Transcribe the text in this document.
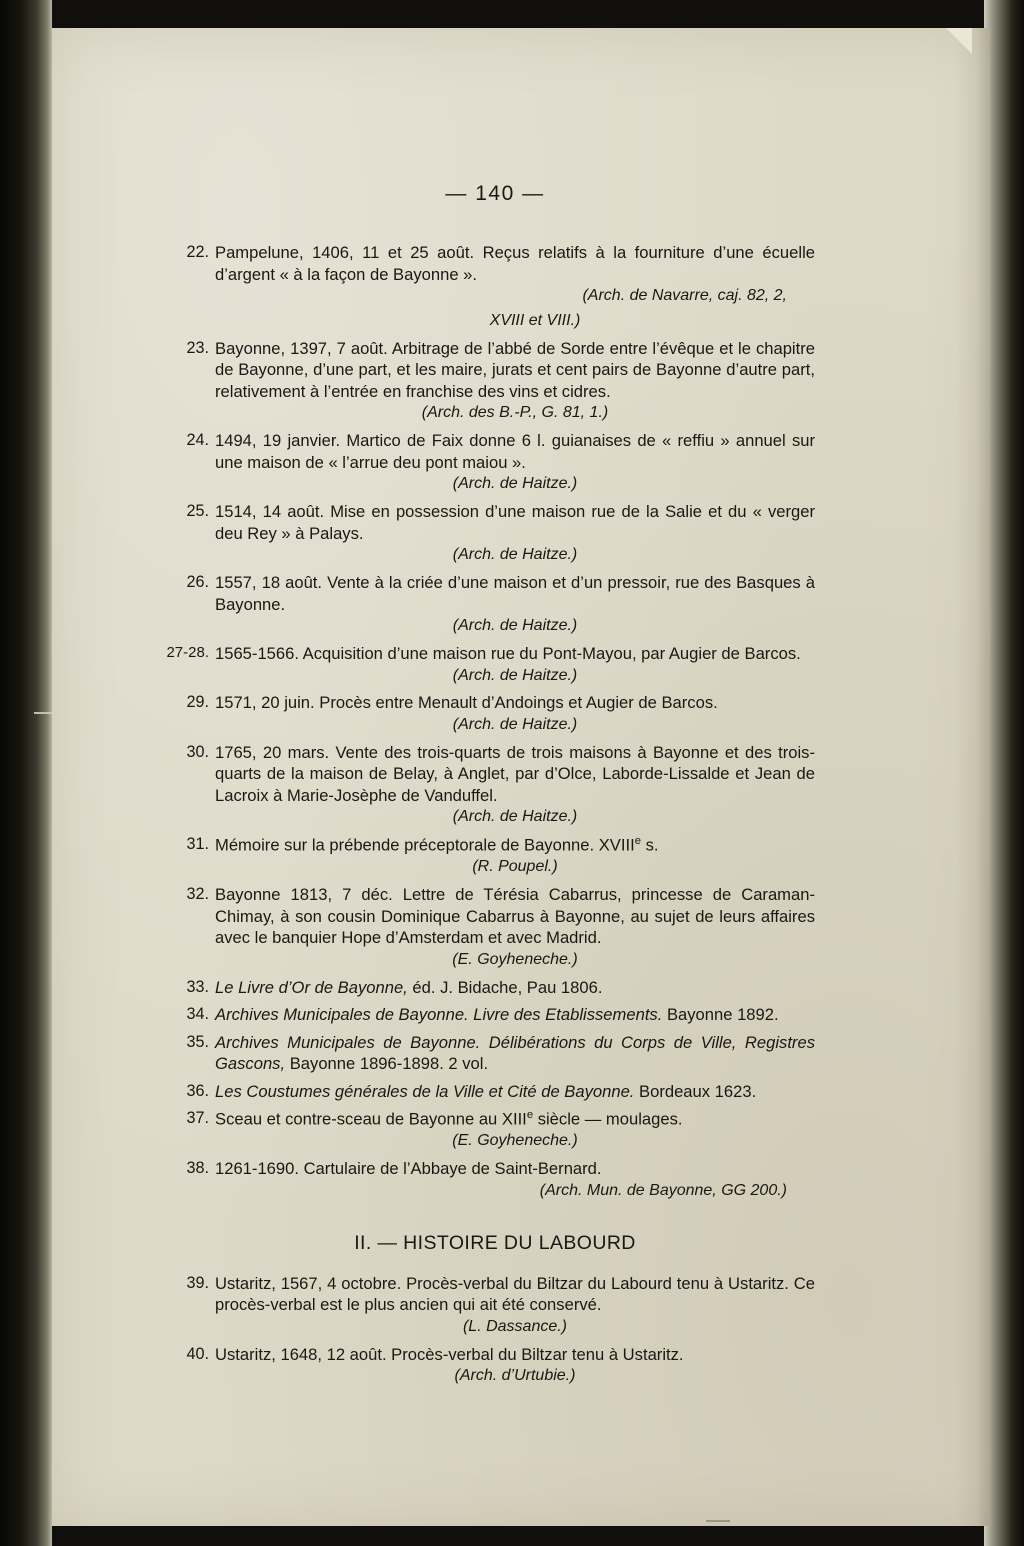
— 140 —
22. Pampelune, 1406, 11 et 25 août. Reçus relatifs à la fourniture d’une écuelle d’argent « à la façon de Bayonne ».
(Arch. de Navarre, caj. 82, 2,
XVIII et VIII.)
23. Bayonne, 1397, 7 août. Arbitrage de l’abbé de Sorde entre l’évêque et le chapitre de Bayonne, d’une part, et les maire, jurats et cent pairs de Bayonne d’autre part, relativement à l’entrée en franchise des vins et cidres.
(Arch. des B.-P., G. 81, 1.)
24. 1494, 19 janvier. Martico de Faix donne 6 l. guianaises de « reffiu » annuel sur une maison de « l’arrue deu pont maiou ».
(Arch. de Haitze.)
25. 1514, 14 août. Mise en possession d’une maison rue de la Salie et du « verger deu Rey » à Palays.
(Arch. de Haitze.)
26. 1557, 18 août. Vente à la criée d’une maison et d’un pressoir, rue des Basques à Bayonne.
(Arch. de Haitze.)
27-28. 1565-1566. Acquisition d’une maison rue du Pont-Mayou, par Augier de Barcos.
(Arch. de Haitze.)
29. 1571, 20 juin. Procès entre Menault d’Andoings et Augier de Barcos.
(Arch. de Haitze.)
30. 1765, 20 mars. Vente des trois-quarts de trois maisons à Bayonne et des trois-quarts de la maison de Belay, à Anglet, par d’Olce, Laborde-Lissalde et Jean de Lacroix à Marie-Josèphe de Vanduffel.
(Arch. de Haitze.)
31. Mémoire sur la prébende préceptorale de Bayonne. XVIIIe s.
(R. Poupel.)
32. Bayonne 1813, 7 déc. Lettre de Térésia Cabarrus, princesse de Caraman-Chimay, à son cousin Dominique Cabarrus à Bayonne, au sujet de leurs affaires avec le banquier Hope d’Amsterdam et avec Madrid.
(E. Goyheneche.)
33. Le Livre d’Or de Bayonne, éd. J. Bidache, Pau 1806.
34. Archives Municipales de Bayonne. Livre des Etablissements. Bayonne 1892.
35. Archives Municipales de Bayonne. Délibérations du Corps de Ville, Registres Gascons, Bayonne 1896-1898. 2 vol.
36. Les Coustumes générales de la Ville et Cité de Bayonne. Bordeaux 1623.
37. Sceau et contre-sceau de Bayonne au XIIIe siècle — moulages.
(E. Goyheneche.)
38. 1261-1690. Cartulaire de l’Abbaye de Saint-Bernard.
(Arch. Mun. de Bayonne, GG 200.)
II. — HISTOIRE DU LABOURD
39. Ustaritz, 1567, 4 octobre. Procès-verbal du Biltzar du Labourd tenu à Ustaritz. Ce procès-verbal est le plus ancien qui ait été conservé.
(L. Dassance.)
40. Ustaritz, 1648, 12 août. Procès-verbal du Biltzar tenu à Ustaritz.
(Arch. d’Urtubie.)
